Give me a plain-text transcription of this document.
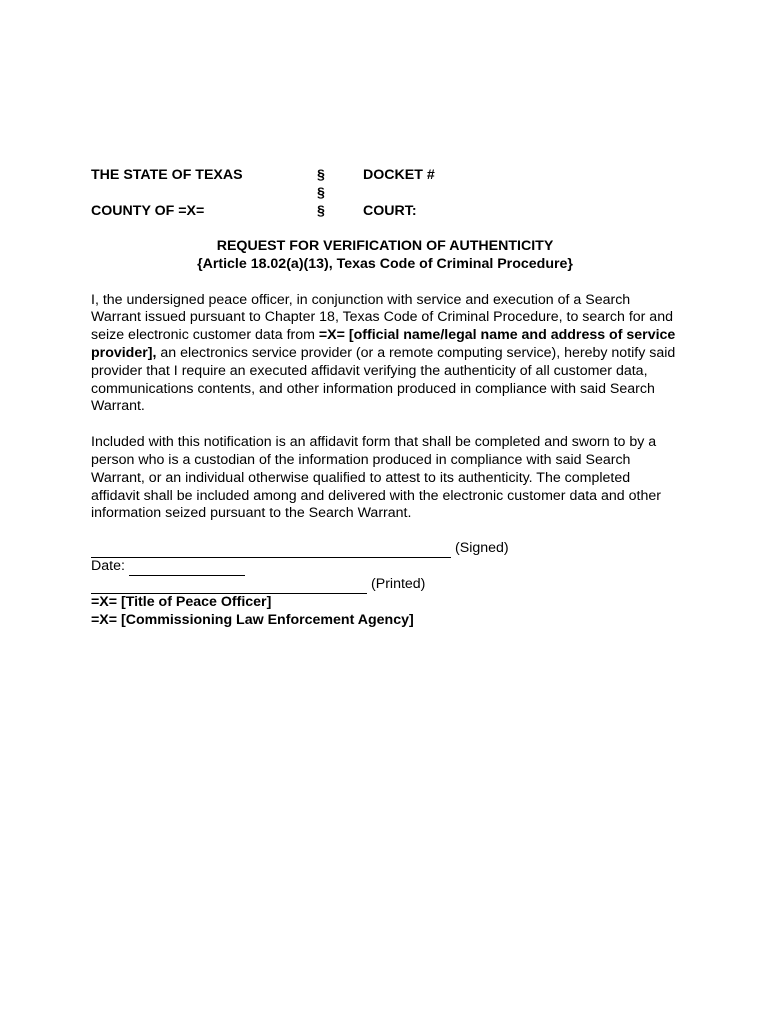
THE STATE OF TEXAS
COUNTY OF =X=
§
§
§
DOCKET #
COURT:
REQUEST FOR VERIFICATION OF AUTHENTICITY
{Article 18.02(a)(13), Texas Code of Criminal Procedure}
I, the undersigned peace officer, in conjunction with service and execution of a Search Warrant issued pursuant to Chapter 18, Texas Code of Criminal Procedure, to search for and seize electronic customer data from =X= [official name/legal name and address of service provider], an electronics service provider (or a remote computing service), hereby notify said provider that I require an executed affidavit verifying the authenticity of all customer data, communications contents, and other information produced in compliance with said Search Warrant.
Included with this notification is an affidavit form that shall be completed and sworn to by a person who is a custodian of the information produced in compliance with said Search Warrant, or an individual otherwise qualified to attest to its authenticity. The completed affidavit shall be included among and delivered with the electronic customer data and other information seized pursuant to the Search Warrant.
(Signed)
Date:
(Printed)
=X= [Title of Peace Officer]
=X= [Commissioning Law Enforcement Agency]
